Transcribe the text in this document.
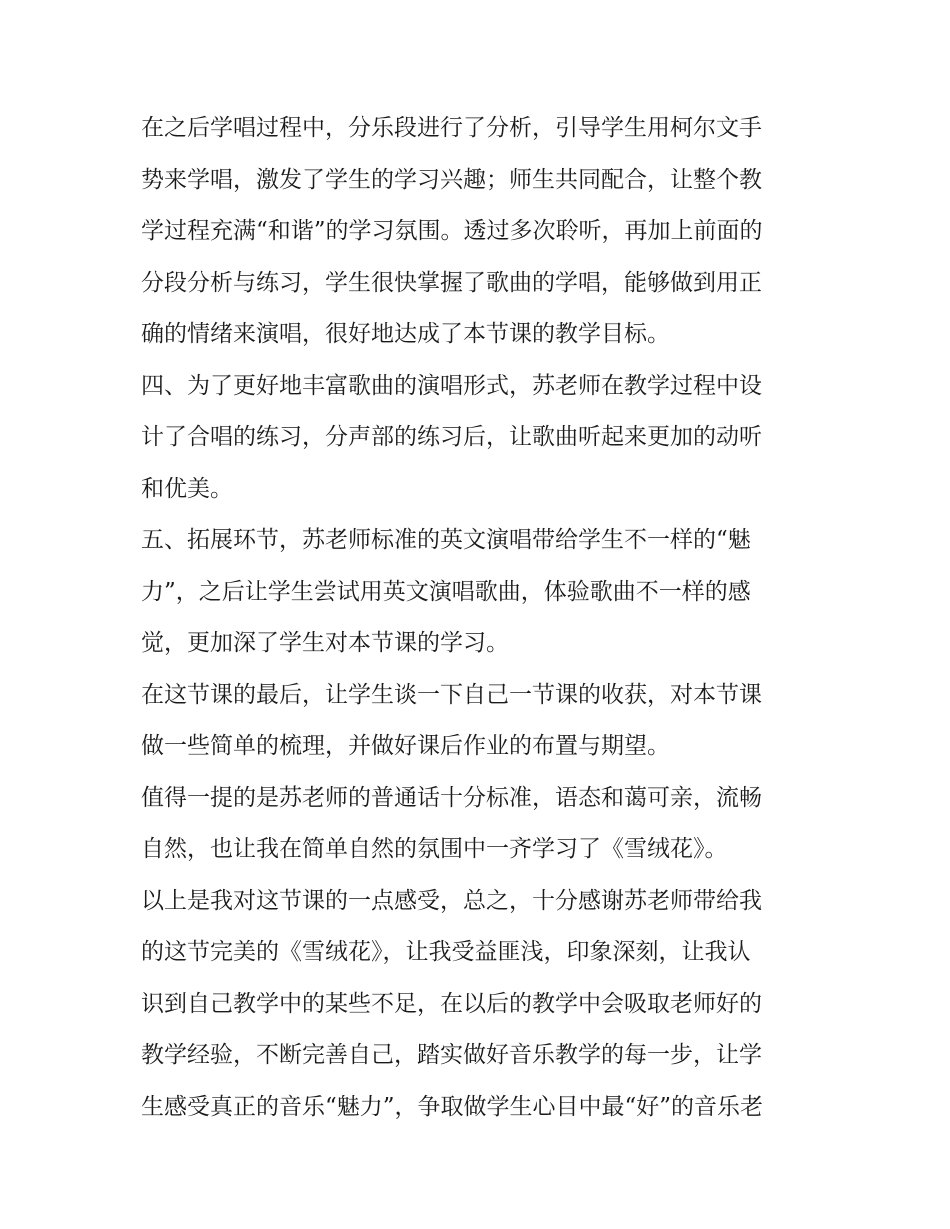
在之后学唱过程中，分乐段进行了分析，引导学生用柯尔文手
势来学唱，激发了学生的学习兴趣；师生共同配合，让整个教
学过程充满“和谐”的学习氛围。透过多次聆听，再加上前面的
分段分析与练习，学生很快掌握了歌曲的学唱，能够做到用正
确的情绪来演唱，很好地达成了本节课的教学目标。
四、为了更好地丰富歌曲的演唱形式，苏老师在教学过程中设
计了合唱的练习，分声部的练习后，让歌曲听起来更加的动听
和优美。
五、拓展环节，苏老师标准的英文演唱带给学生不一样的“魅
力”，之后让学生尝试用英文演唱歌曲，体验歌曲不一样的感
觉，更加深了学生对本节课的学习。
在这节课的最后，让学生谈一下自己一节课的收获，对本节课
做一些简单的梳理，并做好课后作业的布置与期望。
值得一提的是苏老师的普通话十分标准，语态和蔼可亲，流畅
自然，也让我在简单自然的氛围中一齐学习了《雪绒花》。
以上是我对这节课的一点感受，总之，十分感谢苏老师带给我
的这节完美的《雪绒花》，让我受益匪浅，印象深刻，让我认
识到自己教学中的某些不足，在以后的教学中会吸取老师好的
教学经验，不断完善自己，踏实做好音乐教学的每一步，让学
生感受真正的音乐“魅力”，争取做学生心目中最“好”的音乐老
